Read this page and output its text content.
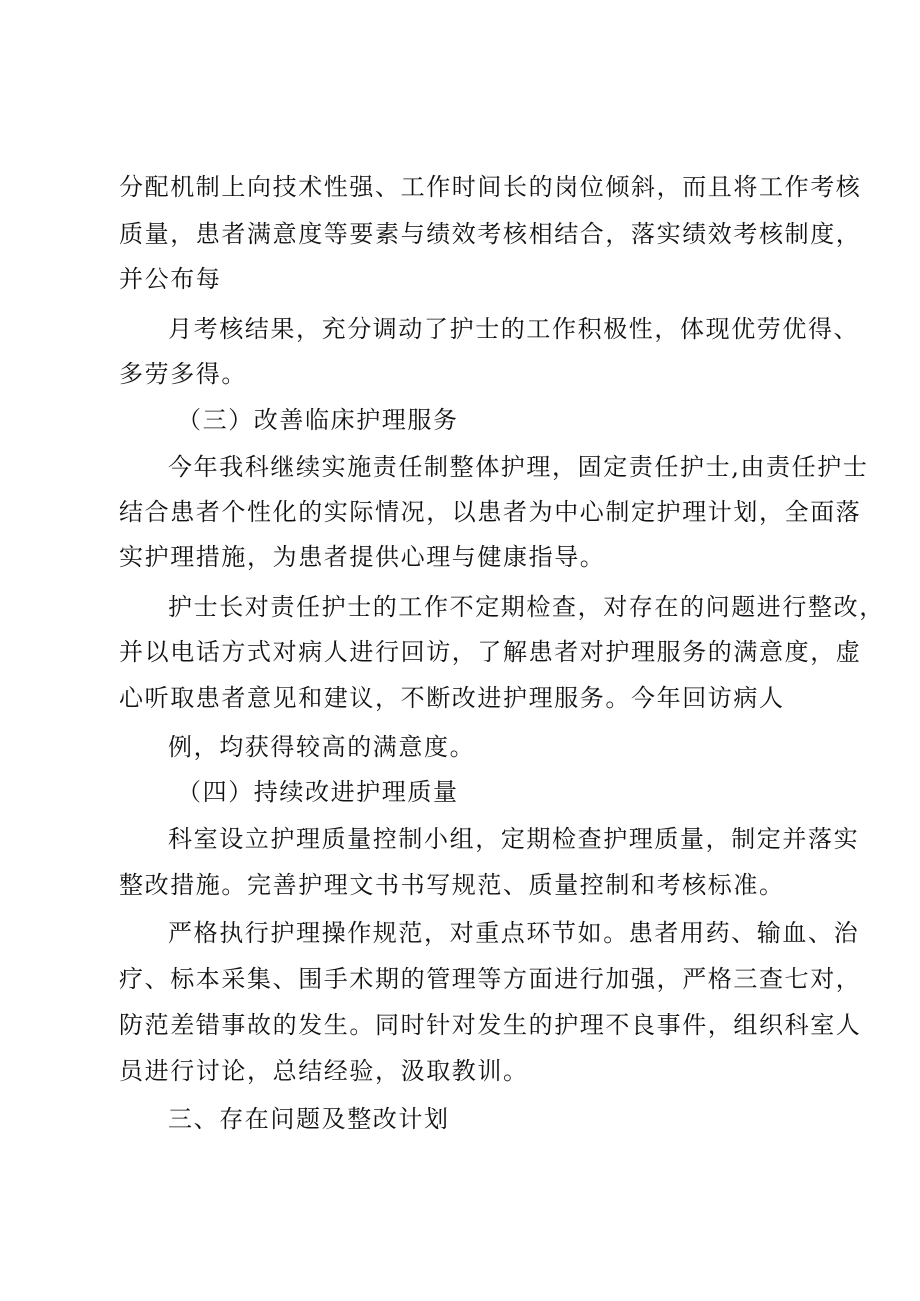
分配机制上向技术性强、工作时间长的岗位倾斜，而且将工作考核
质量，患者满意度等要素与绩效考核相结合，落实绩效考核制度，
并公布每
月考核结果，充分调动了护士的工作积极性，体现优劳优得、
多劳多得。
（三）改善临床护理服务
今年我科继续实施责任制整体护理，固定责任护士,由责任护士
结合患者个性化的实际情况，以患者为中心制定护理计划，全面落
实护理措施，为患者提供心理与健康指导。
护士长对责任护士的工作不定期检查，对存在的问题进行整改，
并以电话方式对病人进行回访，了解患者对护理服务的满意度，虚
心听取患者意见和建议，不断改进护理服务。今年回访病人
例，均获得较高的满意度。
（四）持续改进护理质量
科室设立护理质量控制小组，定期检查护理质量，制定并落实
整改措施。完善护理文书书写规范、质量控制和考核标准。
严格执行护理操作规范，对重点环节如。患者用药、输血、治
疗、标本采集、围手术期的管理等方面进行加强，严格三查七对，
防范差错事故的发生。同时针对发生的护理不良事件，组织科室人
员进行讨论，总结经验，汲取教训。
三、存在问题及整改计划
